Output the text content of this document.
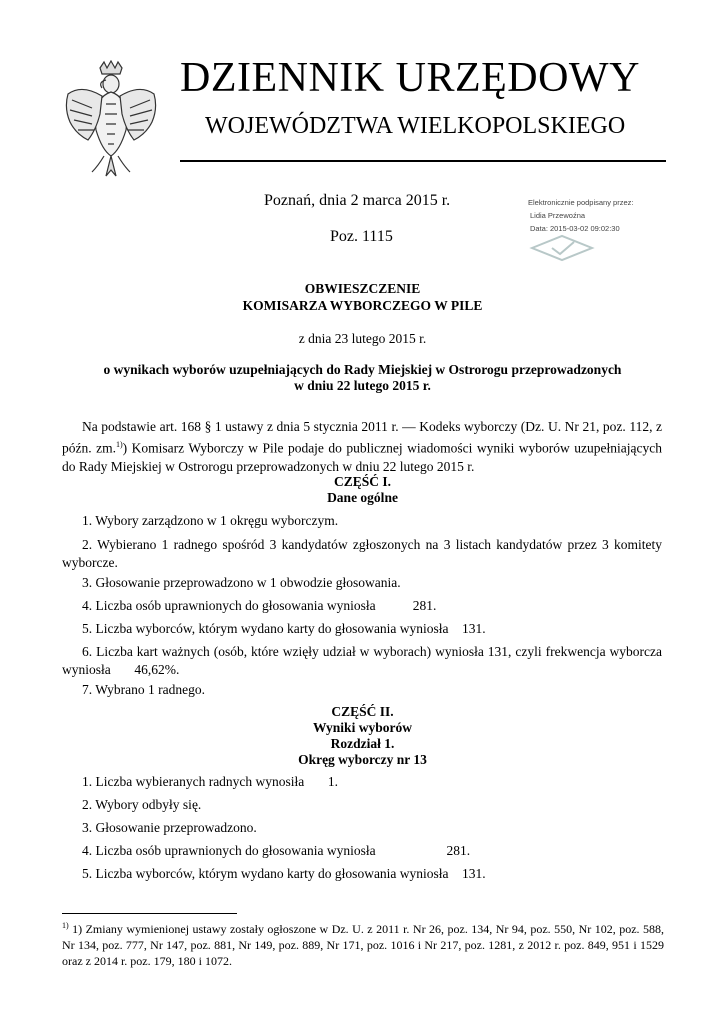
DZIENNIK URZĘDOWY
WOJEWÓDZTWA WIELKOPOLSKIEGO
Poznań, dnia 2 marca 2015 r.
Poz. 1115
Elektronicznie podpisany przez:
Lidia Przewoźna
Data: 2015-03-02 09:02:30
OBWIESZCZENIE
KOMISARZA WYBORCZEGO W PILE
z dnia 23 lutego 2015 r.
o wynikach wyborów uzupełniających do Rady Miejskiej w Ostrorogu przeprowadzonych
w dniu 22 lutego 2015 r.
Na podstawie art. 168 § 1 ustawy z dnia 5 stycznia 2011 r. — Kodeks wyborczy (Dz. U. Nr 21, poz. 112, z późn. zm.$^{1)}$) Komisarz Wyborczy w Pile podaje do publicznej wiadomości wyniki wyborów uzupełniających do Rady Miejskiej w Ostrorogu przeprowadzonych w dniu 22 lutego 2015 r.
CZĘŚĆ I.
Dane ogólne
1. Wybory zarządzono w 1 okręgu wyborczym.
2. Wybierano 1 radnego spośród 3 kandydatów zgłoszonych na 3 listach kandydatów przez 3 komitety wyborcze.
3. Głosowanie przeprowadzono w 1 obwodzie głosowania.
4. Liczba osób uprawnionych do głosowania wyniosła           281.
5. Liczba wyborców, którym wydano karty do głosowania wyniosła    131.
6. Liczba kart ważnych (osób, które wzięły udział w wyborach) wyniosła 131, czyli frekwencja wyborcza wyniosła       46,62%.
7. Wybrano 1 radnego.
CZĘŚĆ II.
Wyniki wyborów
Rozdział 1.
Okręg wyborczy nr 13
1. Liczba wybieranych radnych wynosiła       1.
2. Wybory odbyły się.
3. Głosowanie przeprowadzono.
4. Liczba osób uprawnionych do głosowania wyniosła                     281.
5. Liczba wyborców, którym wydano karty do głosowania wyniosła    131.
$^{1)}$ 1) Zmiany wymienionej ustawy zostały ogłoszone w Dz. U. z 2011 r. Nr 26, poz. 134, Nr 94, poz. 550, Nr 102, poz. 588, Nr 134, poz. 777, Nr 147, poz. 881, Nr 149, poz. 889, Nr 171, poz. 1016 i Nr 217, poz. 1281, z 2012 r. poz. 849, 951 i 1529 oraz z 2014 r. poz. 179, 180 i 1072.
